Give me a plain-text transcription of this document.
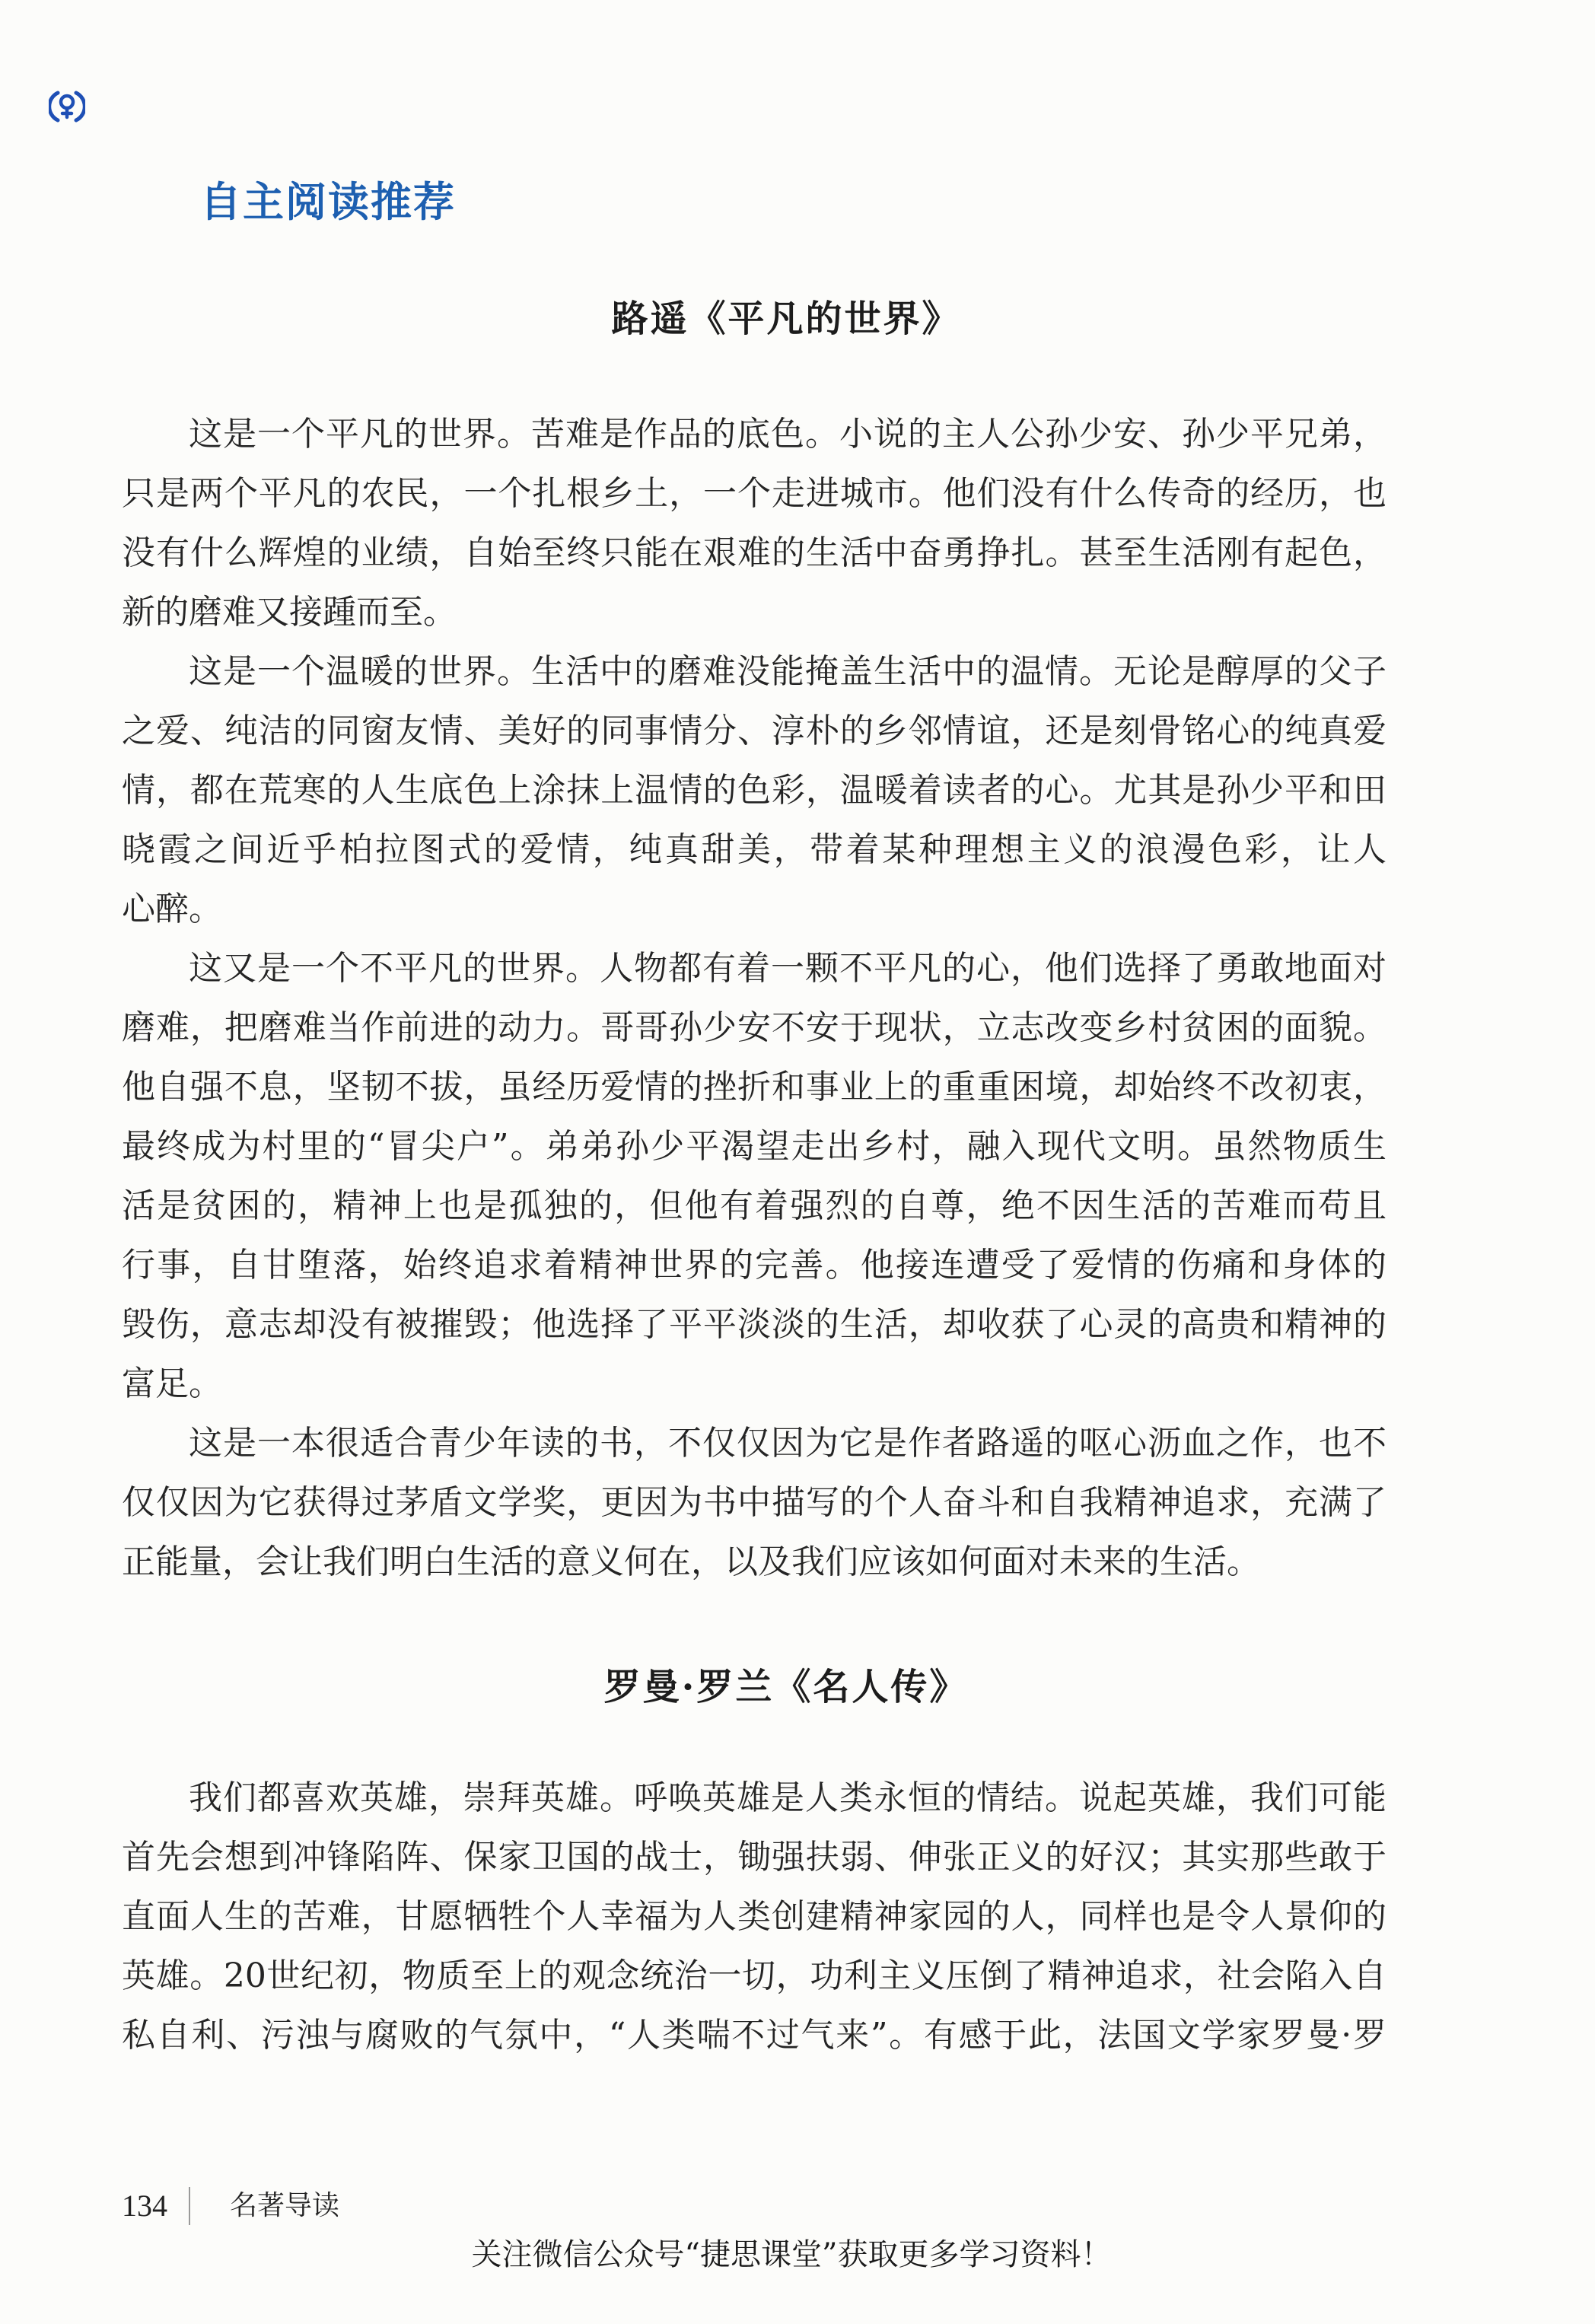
自主阅读推荐
路遥《平凡的世界》
这是一个平凡的世界。苦难是作品的底色。小说的主人公孙少安、孙少平兄弟，
只是两个平凡的农民，一个扎根乡土，一个走进城市。他们没有什么传奇的经历，也
没有什么辉煌的业绩，自始至终只能在艰难的生活中奋勇挣扎。甚至生活刚有起色，
新的磨难又接踵而至。
这是一个温暖的世界。生活中的磨难没能掩盖生活中的温情。无论是醇厚的父子
之爱、纯洁的同窗友情、美好的同事情分、淳朴的乡邻情谊，还是刻骨铭心的纯真爱
情，都在荒寒的人生底色上涂抹上温情的色彩，温暖着读者的心。尤其是孙少平和田
晓霞之间近乎柏拉图式的爱情，纯真甜美，带着某种理想主义的浪漫色彩，让人
心醉。
这又是一个不平凡的世界。人物都有着一颗不平凡的心，他们选择了勇敢地面对
磨难，把磨难当作前进的动力。哥哥孙少安不安于现状，立志改变乡村贫困的面貌。
他自强不息，坚韧不拔，虽经历爱情的挫折和事业上的重重困境，却始终不改初衷，
最终成为村里的“冒尖户”。弟弟孙少平渴望走出乡村，融入现代文明。虽然物质生
活是贫困的，精神上也是孤独的，但他有着强烈的自尊，绝不因生活的苦难而苟且
行事，自甘堕落，始终追求着精神世界的完善。他接连遭受了爱情的伤痛和身体的
毁伤，意志却没有被摧毁；他选择了平平淡淡的生活，却收获了心灵的高贵和精神的
富足。
这是一本很适合青少年读的书，不仅仅因为它是作者路遥的呕心沥血之作，也不
仅仅因为它获得过茅盾文学奖，更因为书中描写的个人奋斗和自我精神追求，充满了
正能量，会让我们明白生活的意义何在，以及我们应该如何面对未来的生活。
罗曼·罗兰《名人传》
我们都喜欢英雄，崇拜英雄。呼唤英雄是人类永恒的情结。说起英雄，我们可能
首先会想到冲锋陷阵、保家卫国的战士，锄强扶弱、伸张正义的好汉；其实那些敢于
直面人生的苦难，甘愿牺牲个人幸福为人类创建精神家园的人，同样也是令人景仰的
英雄。20世纪初，物质至上的观念统治一切，功利主义压倒了精神追求，社会陷入自
私自利、污浊与腐败的气氛中，“人类喘不过气来”。有感于此，法国文学家罗曼·罗
134 名著导读
关注微信公众号“捷思课堂”获取更多学习资料！
